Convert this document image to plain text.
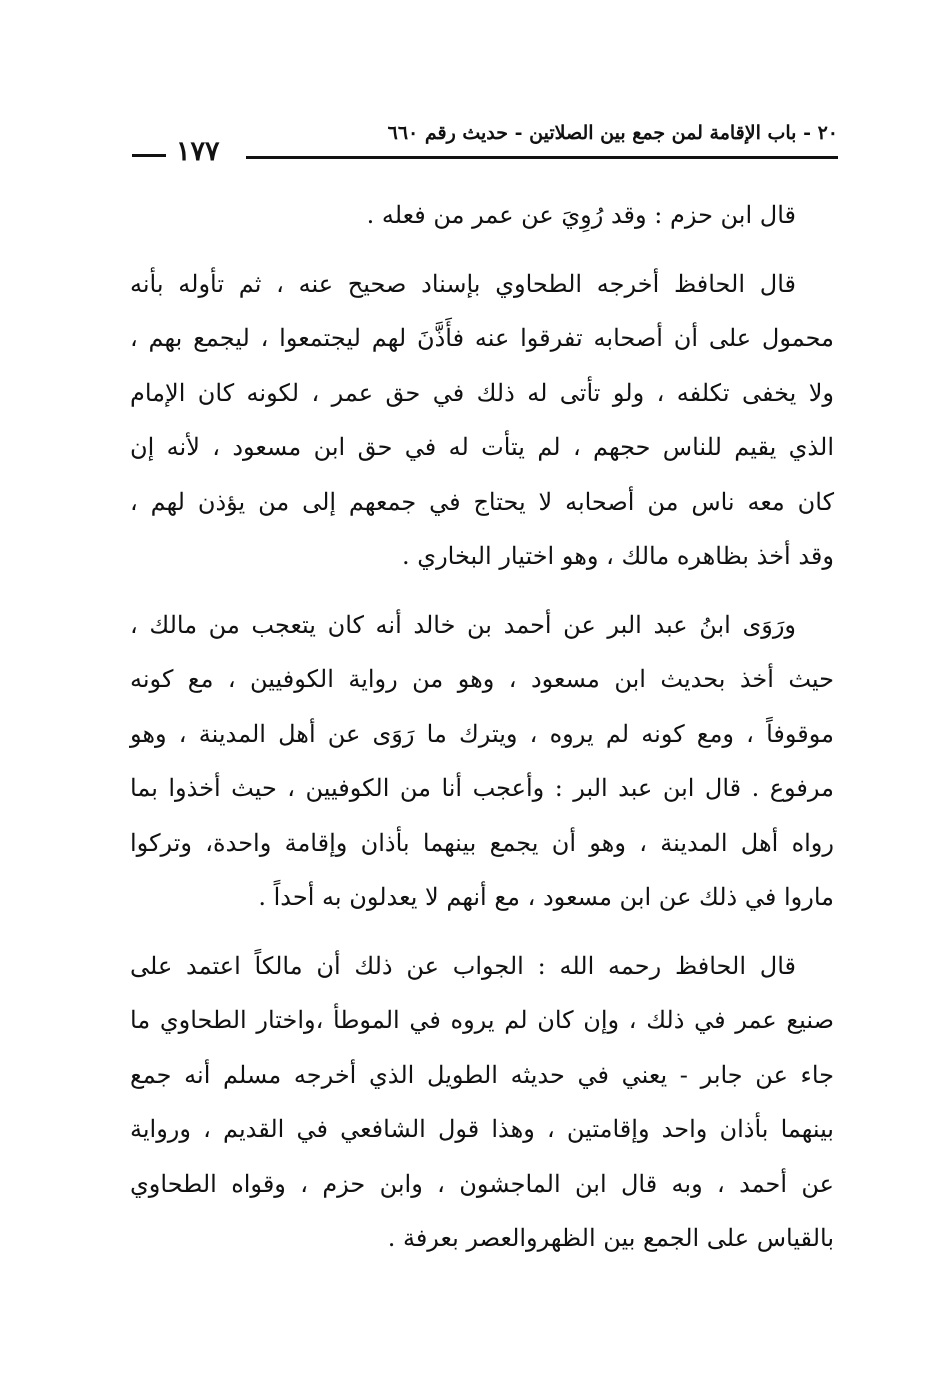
٢٠ - باب الإقامة لمن جمع بين الصلاتين - حديث رقم ٦٦٠
١٧٧

قال ابن حزم : وقد رُوِيَ عن عمر من فعله .

قال الحافظ أخرجه الطحاوي بإسناد صحيح عنه ، ثم تأوله بأنه
محمول على أن أصحابه تفرقوا عنه فأَذَّنَ لهم ليجتمعوا ، ليجمع بهم ،
ولا يخفى تكلفه ، ولو تأتى له ذلك في حق عمر ، لكونه كان الإمام
الذي يقيم للناس حجهم ، لم يتأت له في حق ابن مسعود ، لأنه إن
كان معه ناس من أصحابه لا يحتاج في جمعهم إلى من يؤذن لهم ،
وقد أخذ بظاهره مالك ، وهو اختيار البخاري .

ورَوَى ابنُ عبد البر عن أحمد بن خالد أنه كان يتعجب من مالك ،
حيث أخذ بحديث ابن مسعود ، وهو من رواية الكوفيين ، مع كونه
موقوفاً ، ومع كونه لم يروه ، ويترك ما رَوَى عن أهل المدينة ، وهو
مرفوع . قال ابن عبد البر : وأعجب أنا من الكوفيين ، حيث أخذوا بما
رواه أهل المدينة ، وهو أن يجمع بينهما بأذان وإقامة واحدة، وتركوا
ماروا في ذلك عن ابن مسعود ، مع أنهم لا يعدلون به أحداً .

قال الحافظ رحمه الله : الجواب عن ذلك أن مالكاً اعتمد على
صنيع عمر في ذلك ، وإن كان لم يروه في الموطأ ،واختار الطحاوي ما
جاء عن جابر - يعني في حديثه الطويل الذي أخرجه مسلم أنه جمع
بينهما بأذان واحد وإقامتين ، وهذا قول الشافعي في القديم ، ورواية
عن أحمد ، وبه قال ابن الماجشون ، وابن حزم ، وقواه الطحاوي
بالقياس على الجمع بين الظهروالعصر بعرفة .
